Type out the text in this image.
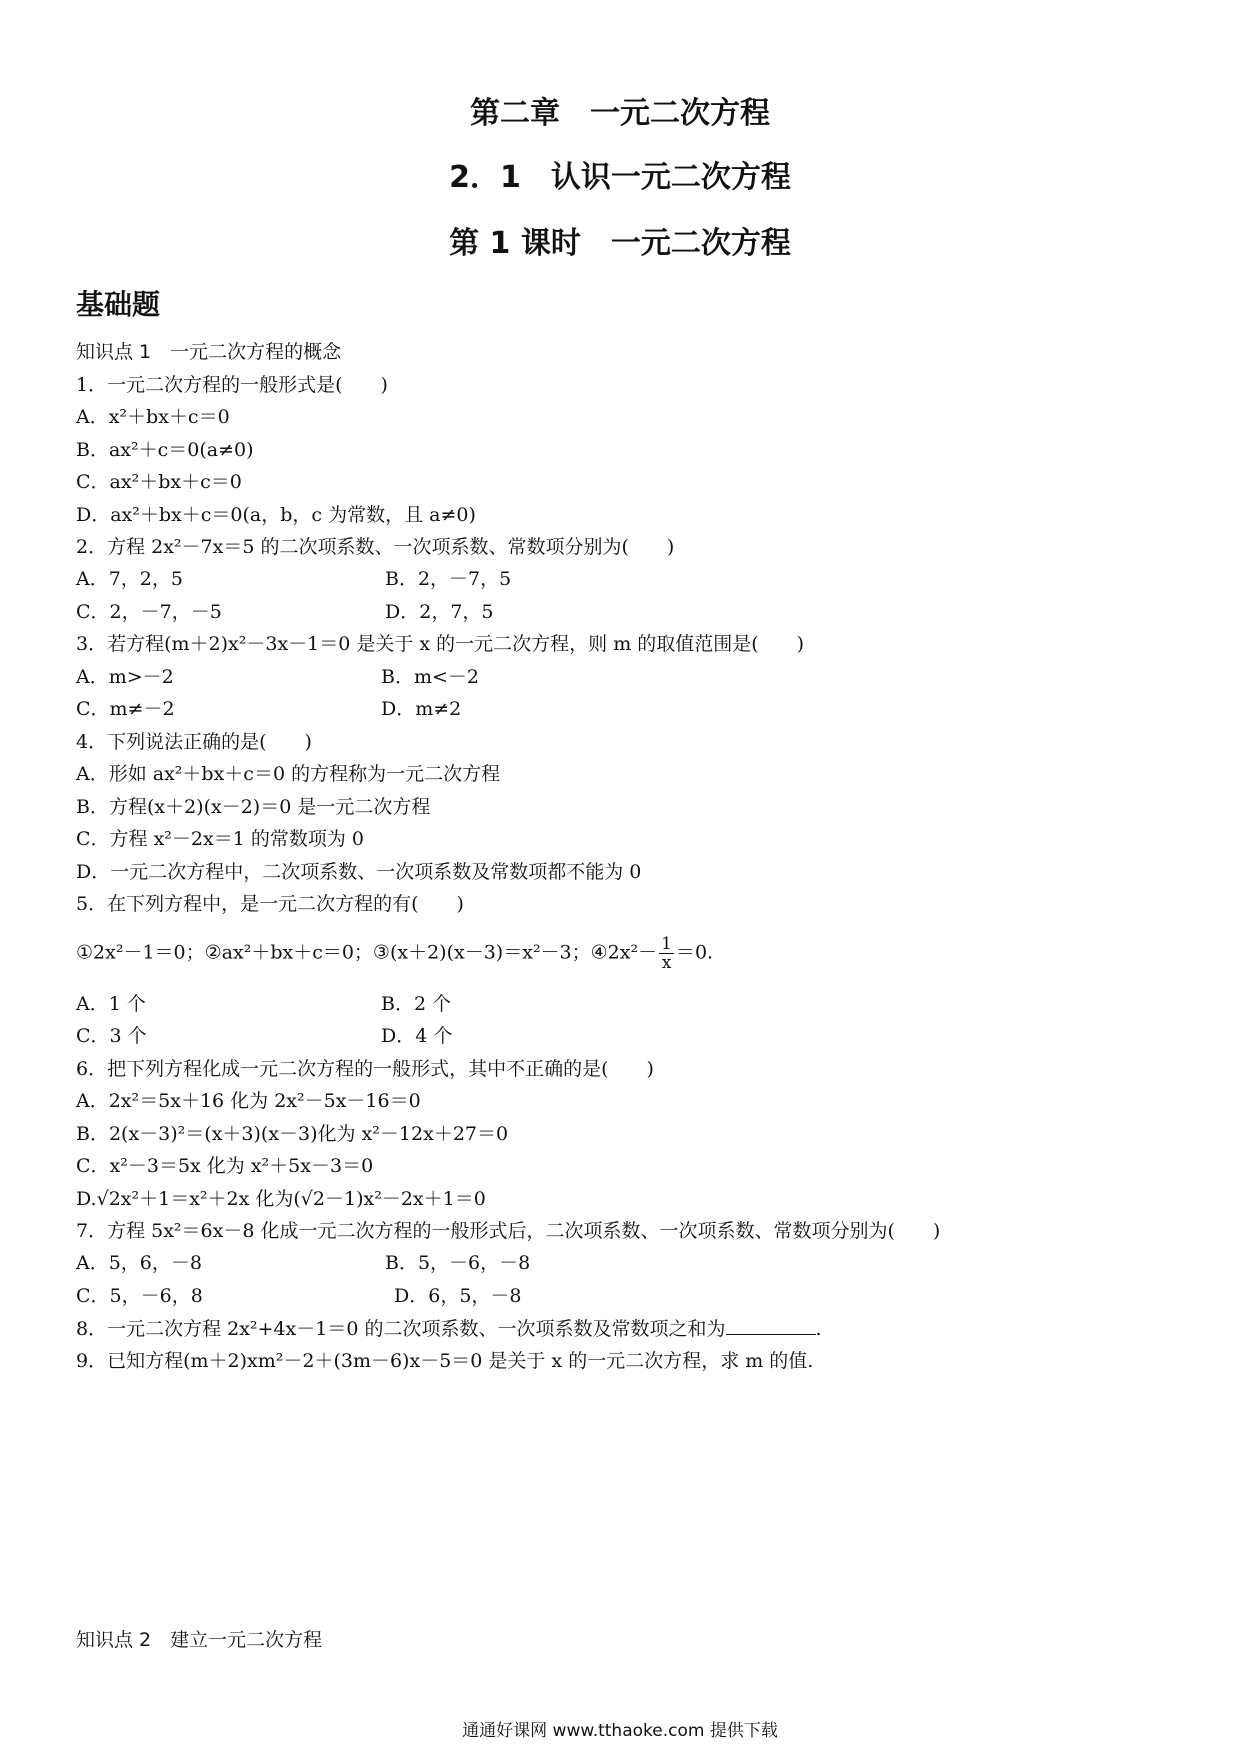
第二章　一元二次方程
2．1　认识一元二次方程
第 1 课时　一元二次方程
基础题
知识点 1　一元二次方程的概念
1．一元二次方程的一般形式是(　　)
A．x²＋bx＋c＝0
B．ax²＋c＝0(a≠0)
C．ax²＋bx＋c＝0
D．ax²＋bx＋c＝0(a，b，c 为常数，且 a≠0)
2．方程 2x²－7x＝5 的二次项系数、一次项系数、常数项分别为(　　)
A．7，2，5	B．2，－7，5
C．2，－7，－5	D．2，7，5
3．若方程(m＋2)x²－3x－1＝0 是关于 x 的一元二次方程，则 m 的取值范围是(　　)
A．m>－2	B．m<－2
C．m≠－2	D．m≠2
4．下列说法正确的是(　　)
A．形如 ax²＋bx＋c＝0 的方程称为一元二次方程
B．方程(x＋2)(x－2)＝0 是一元二次方程
C．方程 x²－2x＝1 的常数项为 0
D．一元二次方程中，二次项系数、一次项系数及常数项都不能为 0
5．在下列方程中，是一元二次方程的有(　　)
①2x²－1＝0；②ax²＋bx＋c＝0；③(x＋2)(x－3)＝x²－3；④2x²－ $\frac{1}{x} =0$.
A．1 个	B．2 个
C．3 个	D．4 个
6．把下列方程化成一元二次方程的一般形式，其中不正确的是(　　)
A．2x²＝5x＋16 化为 2x²－5x－16＝0
B．2(x－3)²＝(x＋3)(x－3)化为 x²－12x＋27＝0
C．x²－3＝5x 化为 x²＋5x－3＝0
D.√2x²＋1＝x²＋2x 化为(√2－1)x²－2x＋1＝0
7．方程 5x²＝6x－8 化成一元二次方程的一般形式后，二次项系数、一次项系数、常数项分别为(　　)
A．5，6，－8	B．5，－6，－8
C．5，－6，8	D．6，5，－8
8．一元二次方程 2x²+4x－1＝0 的二次项系数、一次项系数及常数项之和为	.
9．已知方程(m＋2)xm²－2＋(3m－6)x－5＝0 是关于 x 的一元二次方程，求 m 的值.
知识点 2　建立一元二次方程
通通好课网 www.tthaoke.com 提供下载
